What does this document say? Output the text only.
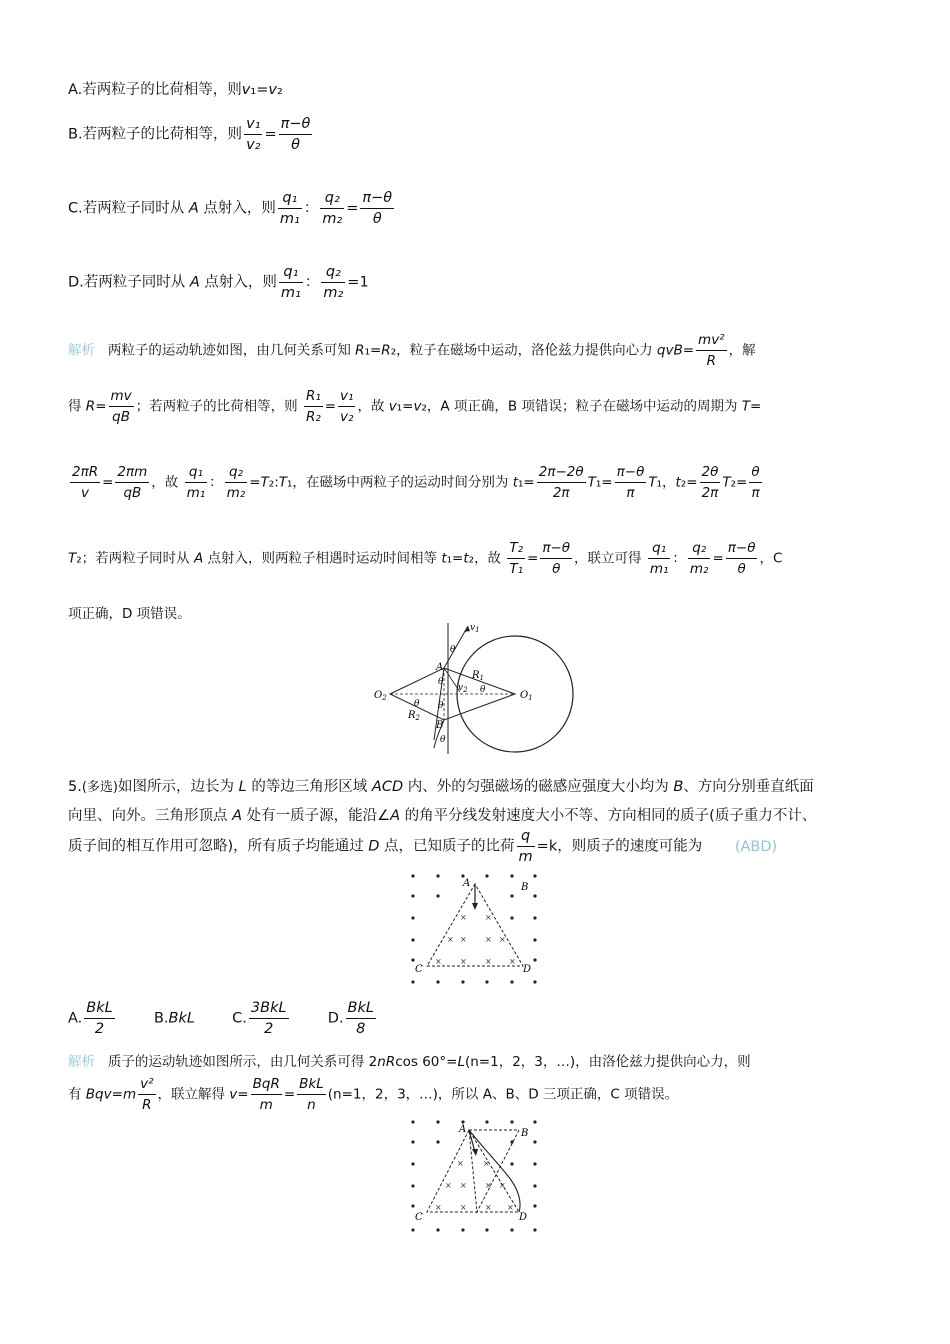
A.若两粒子的比荷相等，则v₁=v₂
B.若两粒子的比荷相等，则 $\frac{\text{v₁}}{\text{v₂}} = \frac{\pi-\theta}{\theta}$
C.若两粒子同时从 A 点射入，则 $\frac{\text{q₁}}{\text{m₁}}$ ： $\frac{\text{q₂}}{\text{m₂}} = \frac{\pi-\theta}{\theta}$
D.若两粒子同时从 A 点射入，则 $\frac{\text{q₁}}{\text{m₁}}$ ： $\frac{\text{q₂}}{\text{m₂}} =1$
解析 两粒子的运动轨迹如图，由几何关系可知 R₁=R₂，粒子在磁场中运动，洛伦兹力提供向心力 $qvB= \frac{\text{mv²}}{R}$ ，解
得 $R= \frac{mv}{qB}$ ；若两粒子的比荷相等，则 $\frac{\text{R₁}}{\text{R₂}} = \frac{\text{v₁}}{\text{v₂}}$ ，故 v₁=v₂，A 项正确，B 项错误；粒子在磁场中运动的周期为 T=
$\frac{2\pi R}{v} = \frac{2\pi m}{qB}$ ，故 $\frac{\text{q₁}}{\text{m₁}}$ ： $\frac{\text{q₂}}{\text{m₂}}$ =T₂:T₁，在磁场中两粒子的运动时间分别为 $t_1= \frac{2\pi-2\theta}{2\pi} T_1= \frac{\pi-\theta}{\pi} T_1$，$t_2= \frac{2\theta}{2\pi} T_2= \frac{\theta}{\pi}$
T₂；若两粒子同时从 A 点射入，则两粒子相遇时运动时间相等 t₁=t₂，故 $\frac{\text{T₂}}{\text{T₁}} = \frac{\pi-\theta}{\theta}$ ，联立可得 $\frac{\text{q₁}}{\text{m₁}}$ ： $\frac{\text{q₂}}{\text{m₂}} = \frac{\pi-\theta}{\theta}$ ，C
项正确，D 项错误。
A
B
$O_1$
$O_2$
$R_1$
$R_2$
$v_1$
$v_2$
θ
θ
θ
θ θ
θ
5.(多选)如图所示，边长为 L 的等边三角形区域 ACD 内、外的匀强磁场的磁感应强度大小均为 B、方向分别垂直纸面
向里、向外。三角形顶点 A 处有一质子源，能沿∠A 的角平分线发射速度大小不等、方向相同的质子(质子重力不计、
质子间的相互作用可忽略)，所有质子均能通过 D 点，已知质子的比荷 $\frac{q}{m} =k$，则质子的速度可能为 (ABD)
× ×
× × × ×
× × × ×
A	B
C	D
A. $\frac{\text{BkL}}{2}$	B.BkL	C. $\frac{\text{3BkL}}{2}$	D. $\frac{\text{BkL}}{8}$
解析 质子的运动轨迹如图所示，由几何关系可得 2nRcos 60°=L(n=1，2，3，…)，由洛伦兹力提供向心力，则
有 $Bqv=m \frac{\text{v²}}{R}$ ，联立解得 $v= \frac{\text{BqR}}{m} = \frac{\text{BkL}}{n} (n=1$，2，3，…)，所以 A、B、D 三项正确，C 项错误。
× ×
× × × ×
× × × ×
A	B
C	D
